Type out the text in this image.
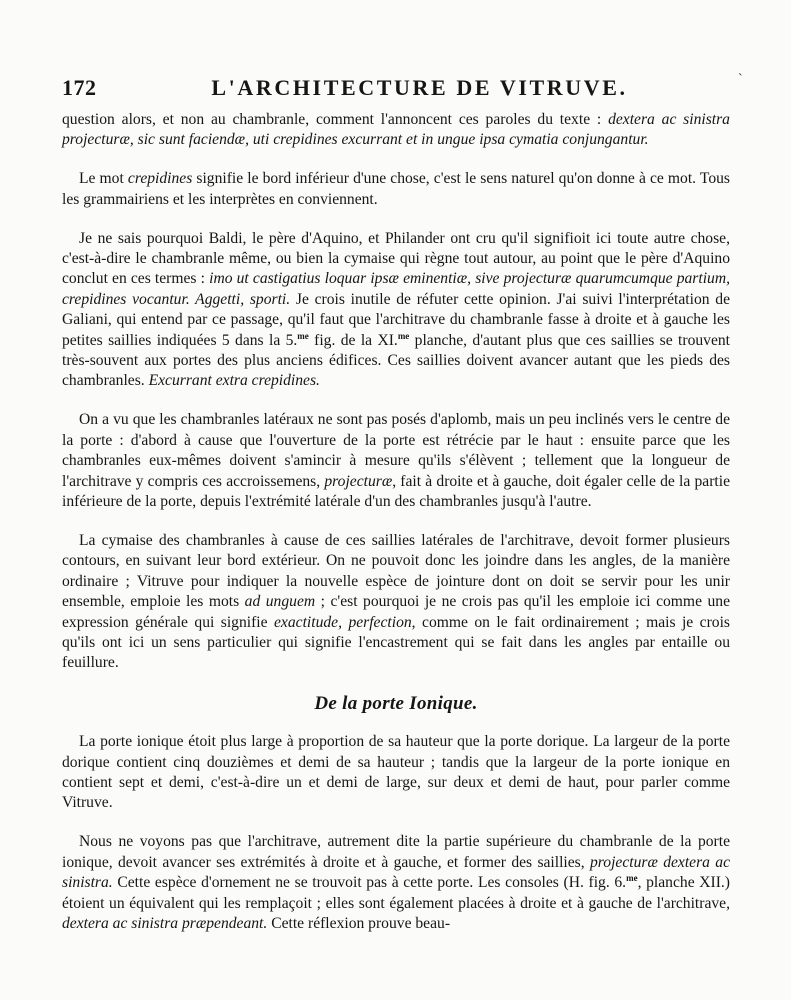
172	L'ARCHITECTURE DE VITRUVE.	ˋ

question alors, et non au chambranle, comment l'annoncent ces paroles du texte : dextera ac sinistra projecturæ, sic sunt faciendæ, uti crepidines excurrant et in ungue ipsa cymatia conjungantur.

Le mot crepidines signifie le bord inférieur d'une chose, c'est le sens naturel qu'on donne à ce mot. Tous les grammairiens et les interprètes en conviennent.

Je ne sais pourquoi Baldi, le père d'Aquino, et Philander ont cru qu'il signifioit ici toute autre chose, c'est-à-dire le chambranle même, ou bien la cymaise qui règne tout autour, au point que le père d'Aquino conclut en ces termes : imo ut castigatius loquar ipsæ eminentiæ, sive projecturæ quarumcumque partium, crepidines vocantur. Aggetti, sporti. Je crois inutile de réfuter cette opinion. J'ai suivi l'interprétation de Galiani, qui entend par ce passage, qu'il faut que l'architrave du chambranle fasse à droite et à gauche les petites saillies indiquées 5 dans la 5.$^{me}$ fig. de la XI.$^{me}$ planche, d'autant plus que ces saillies se trouvent très-souvent aux portes des plus anciens édifices. Ces saillies doivent avancer autant que les pieds des chambranles. Excurrant extra crepidines.

On a vu que les chambranles latéraux ne sont pas posés d'aplomb, mais un peu inclinés vers le centre de la porte : d'abord à cause que l'ouverture de la porte est rétrécie par le haut : ensuite parce que les chambranles eux-mêmes doivent s'amincir à mesure qu'ils s'élèvent ; tellement que la longueur de l'architrave y compris ces accroissemens, projecturæ, fait à droite et à gauche, doit égaler celle de la partie inférieure de la porte, depuis l'extrémité latérale d'un des chambranles jusqu'à l'autre.

La cymaise des chambranles à cause de ces saillies latérales de l'architrave, devoit former plusieurs contours, en suivant leur bord extérieur. On ne pouvoit donc les joindre dans les angles, de la manière ordinaire ; Vitruve pour indiquer la nouvelle espèce de jointure dont on doit se servir pour les unir ensemble, emploie les mots ad unguem ; c'est pourquoi je ne crois pas qu'il les emploie ici comme une expression générale qui signifie exactitude, perfection, comme on le fait ordinairement ; mais je crois qu'ils ont ici un sens particulier qui signifie l'encastrement qui se fait dans les angles par entaille ou feuillure.

De la porte Ionique.

La porte ionique étoit plus large à proportion de sa hauteur que la porte dorique. La largeur de la porte dorique contient cinq douzièmes et demi de sa hauteur ; tandis que la largeur de la porte ionique en contient sept et demi, c'est-à-dire un et demi de large, sur deux et demi de haut, pour parler comme Vitruve.

Nous ne voyons pas que l'architrave, autrement dite la partie supérieure du chambranle de la porte ionique, devoit avancer ses extrémités à droite et à gauche, et former des saillies, projecturæ dextera ac sinistra. Cette espèce d'ornement ne se trouvoit pas à cette porte. Les consoles (H. fig. 6.$^{me}$, planche XII.) étoient un équivalent qui les remplaçoit ; elles sont également placées à droite et à gauche de l'architrave, dextera ac sinistra præpendeant. Cette réflexion prouve beau-
